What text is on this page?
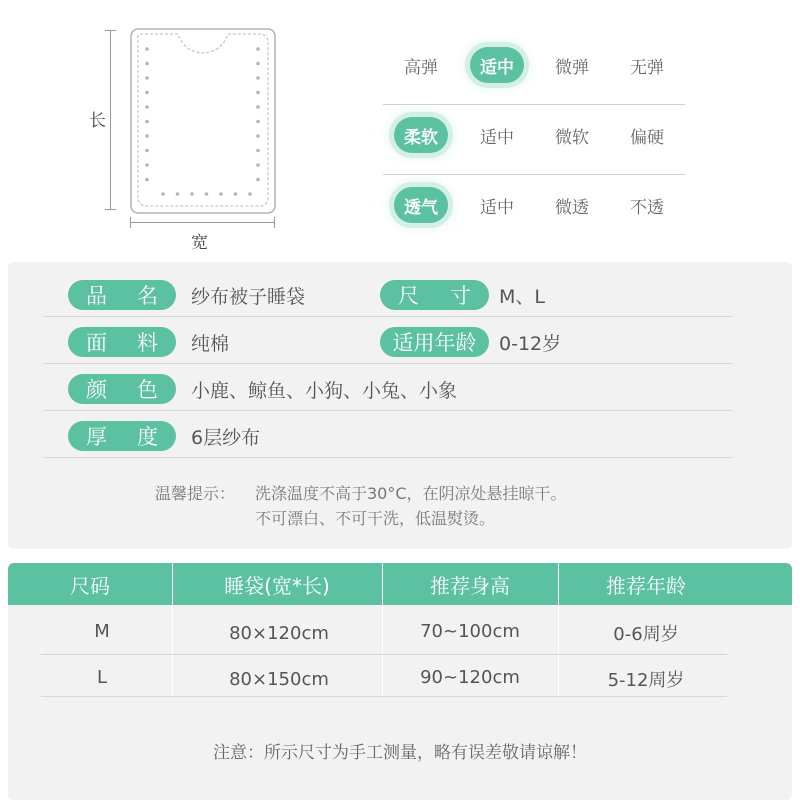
长
宽
高弹	适中	微弹 无弹
柔软	适中 微软 偏硬
透气	适中 微透 不透
品 名 纱布被子睡袋	尺 寸 M、L
面 料 纯棉	适用年龄 0-12岁
颜 色 小鹿、鲸鱼、小狗、小兔、小象
厚 度 6层纱布
温馨提示： 洗涤温度不高于30°C，在阴凉处悬挂晾干。
不可漂白、不可干洗，低温熨烫。
尺码	睡袋(宽*长)	推荐身高	推荐年龄
M	80×120cm	70~100cm	0-6周岁
L	80×150cm	90~120cm	5-12周岁
注意：所示尺寸为手工测量，略有误差敬请谅解！
